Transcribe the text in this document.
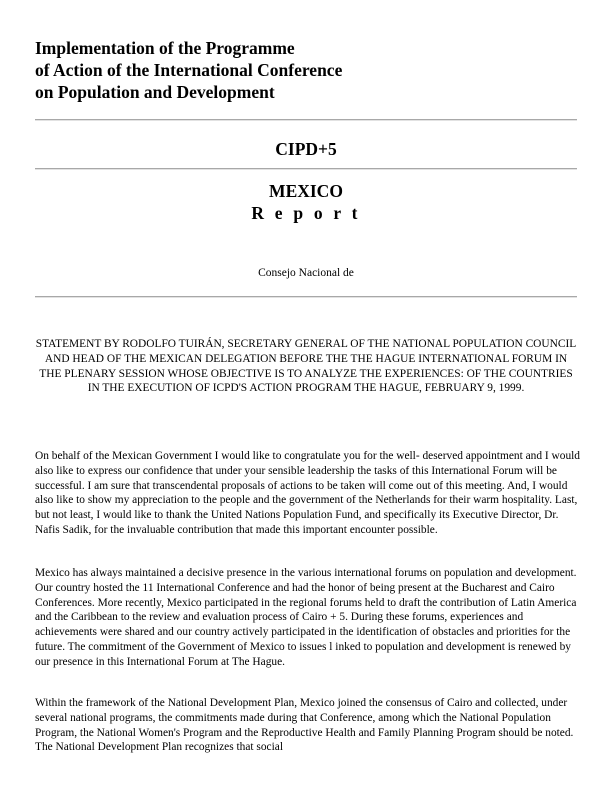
Implementation of the Programme
of Action of the International Conference
on Population and Development
CIPD+5
MEXICO
R e p o r t

Consejo Nacional de

STATEMENT BY RODOLFO TUIRÁN, SECRETARY GENERAL OF THE NATIONAL POPULATION COUNCIL AND HEAD OF THE MEXICAN DELEGATION BEFORE THE THE HAGUE INTERNATIONAL FORUM IN THE PLENARY SESSION WHOSE OBJECTIVE IS TO ANALYZE THE EXPERIENCES: OF THE COUNTRIES IN THE EXECUTION OF ICPD'S ACTION PROGRAM THE HAGUE, FEBRUARY 9, 1999.

On behalf of the Mexican Government I would like to congratulate you for the well- deserved appointment and I would also like to express our confidence that under your sensible leadership the tasks of this International Forum will be successful. I am sure that transcendental proposals of actions to be taken will come out of this meeting. And, I would also like to show my appreciation to the people and the government of the Netherlands for their warm hospitality. Last, but not least, I would like to thank the United Nations Population Fund, and specifically its Executive Director, Dr. Nafis Sadik, for the invaluable contribution that made this important encounter possible.

Mexico has always maintained a decisive presence in the various international forums on population and development. Our country hosted the 11 International Conference and had the honor of being present at the Bucharest and Cairo Conferences. More recently, Mexico participated in the regional forums held to draft the contribution of Latin America and the Caribbean to the review and evaluation process of Cairo + 5. During these forums, experiences and achievements were shared and our country actively participated in the identification of obstacles and priorities for the future. The commitment of the Government of Mexico to issues l inked to population and development is renewed by our presence in this International Forum at The Hague.

Within the framework of the National Development Plan, Mexico joined the consensus of Cairo and collected, under several national programs, the commitments made during that Conference, among which the National Population Program, the National Women's Program and the Reproductive Health and Family Planning Program should be noted. The National Development Plan recognizes that social
